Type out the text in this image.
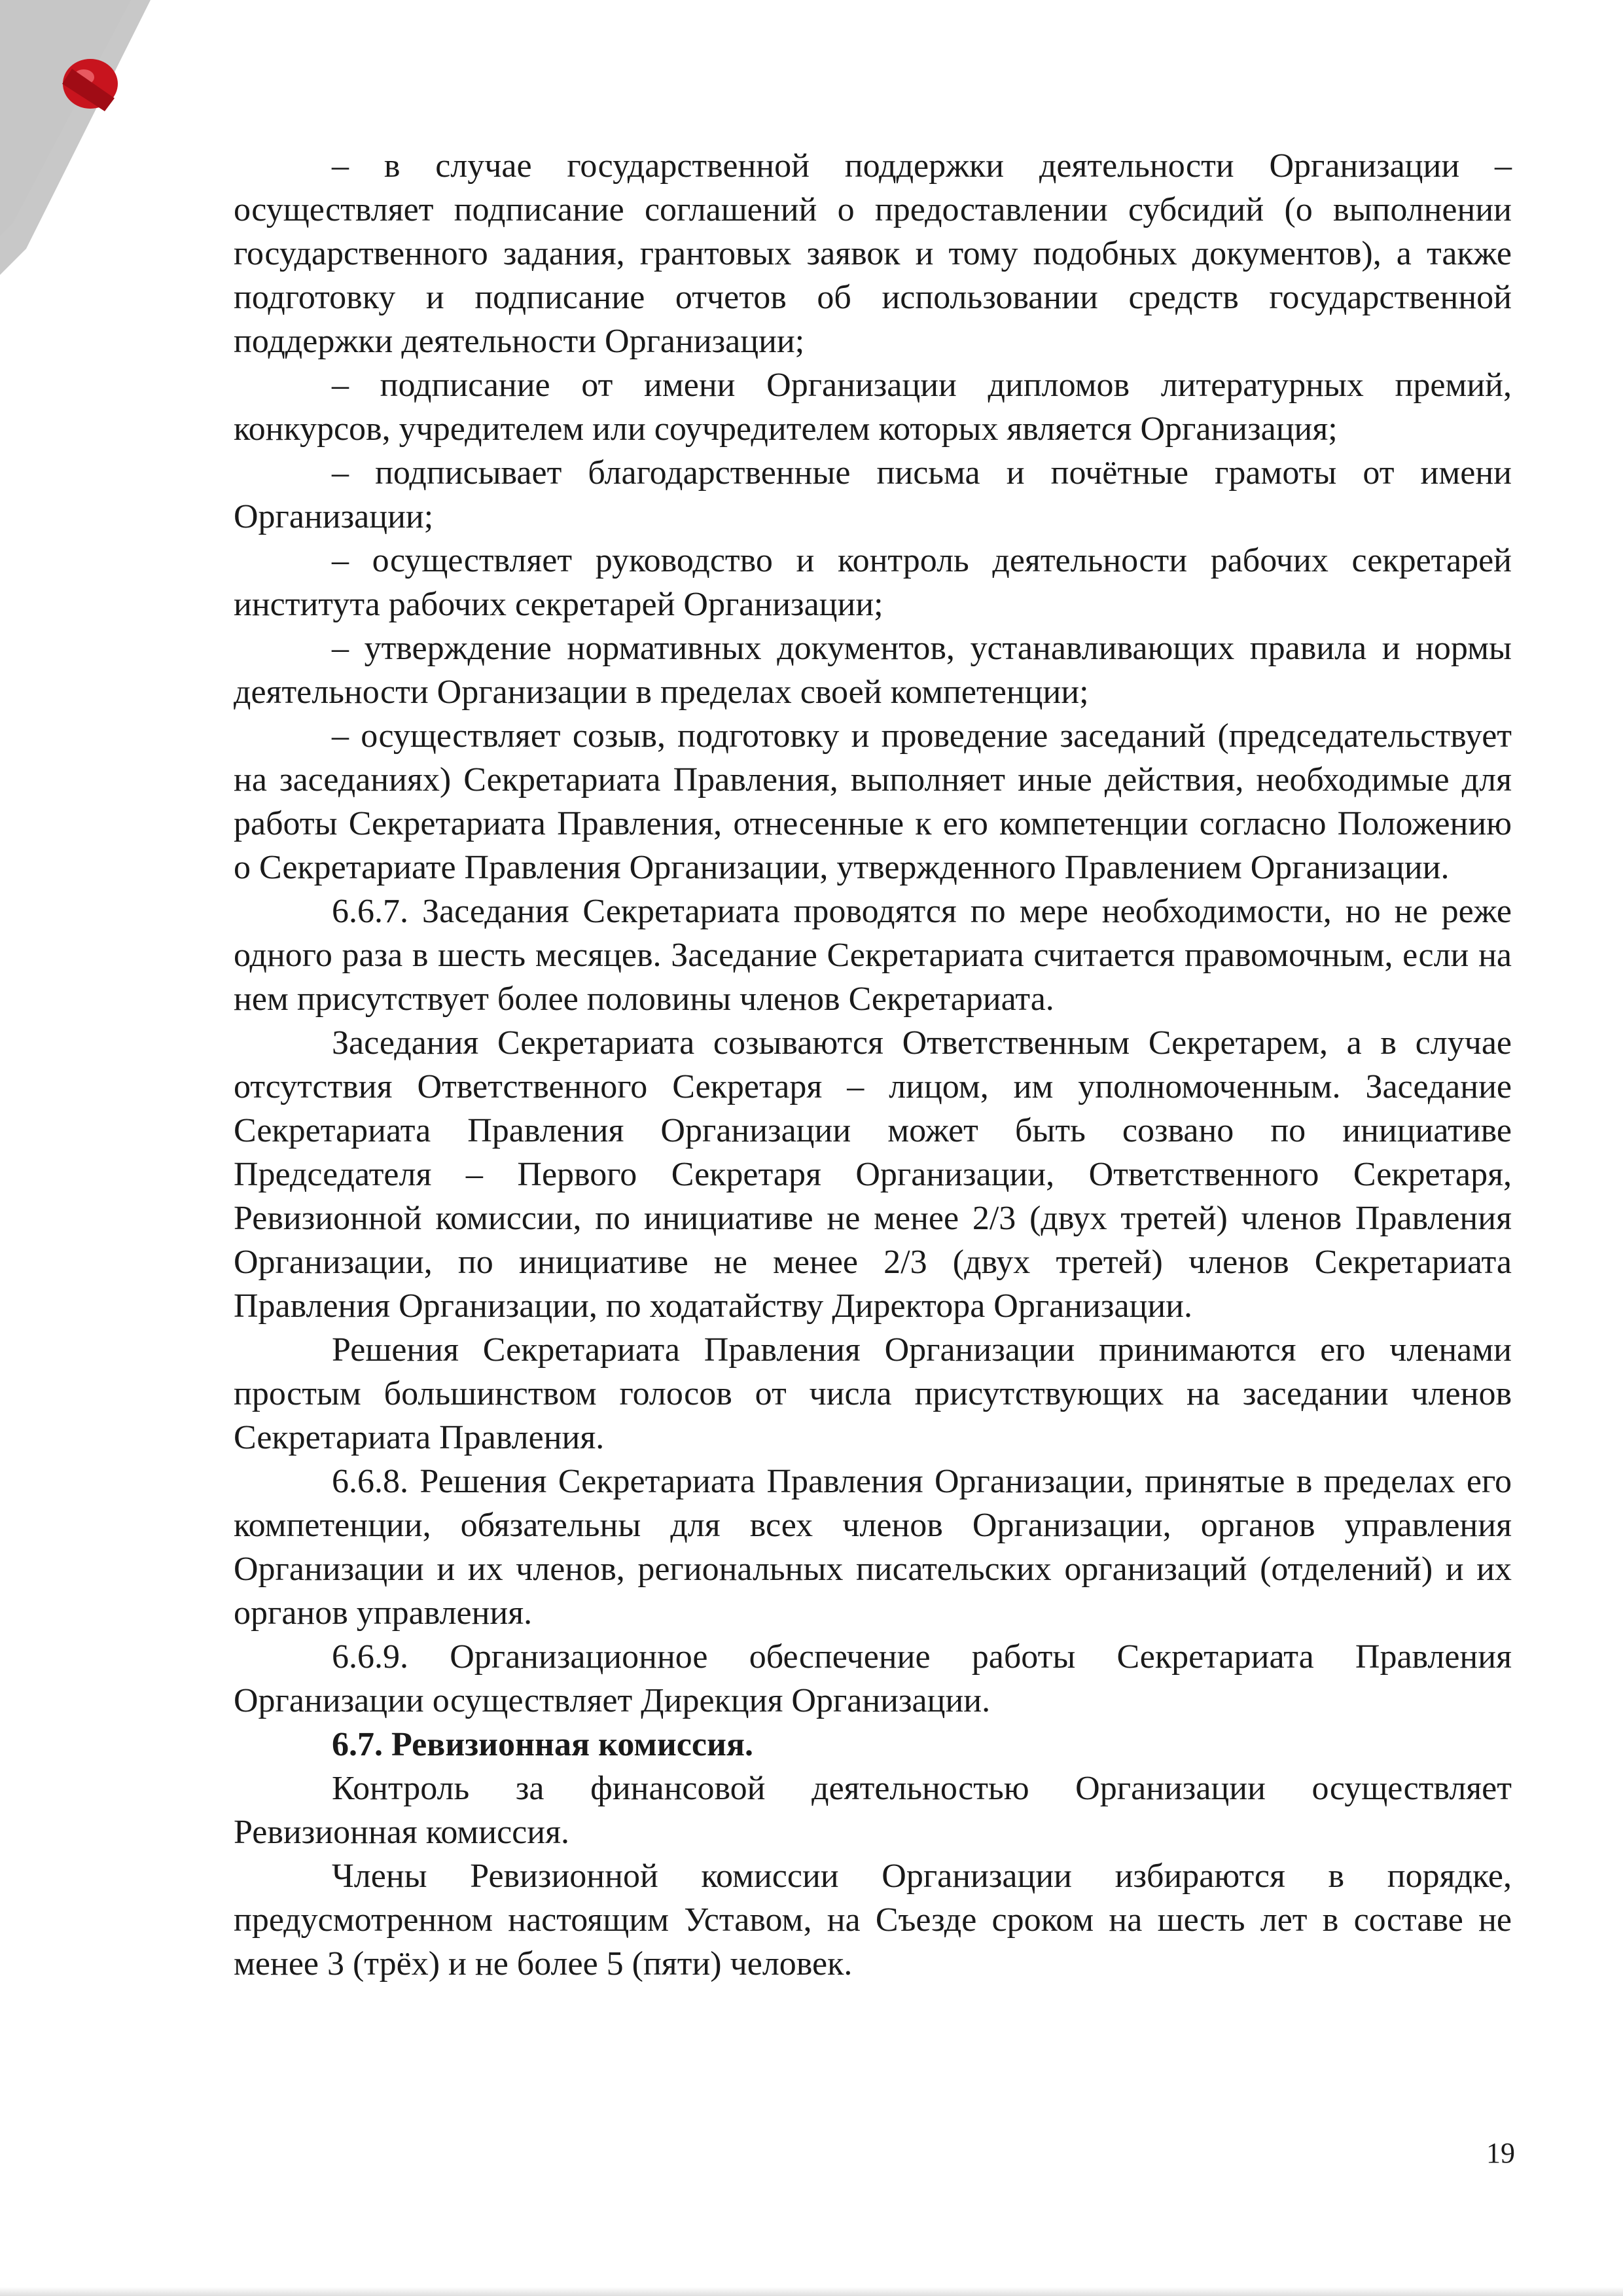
– в случае государственной поддержки деятельности Организации – осуществляет подписание соглашений о предоставлении субсидий (о выполнении государственного задания, грантовых заявок и тому подобных документов), а также подготовку и подписание отчетов об использовании средств государственной поддержки деятельности Организации;

– подписание от имени Организации дипломов литературных премий, конкурсов, учредителем или соучредителем которых является Организация;

– подписывает благодарственные письма и почётные грамоты от имени Организации;

– осуществляет руководство и контроль деятельности рабочих секретарей института рабочих секретарей Организации;

– утверждение нормативных документов, устанавливающих правила и нормы деятельности Организации в пределах своей компетенции;

– осуществляет созыв, подготовку и проведение заседаний (председательствует на заседаниях) Секретариата Правления, выполняет иные действия, необходимые для работы Секретариата Правления, отнесенные к его компетенции согласно Положению о Секретариате Правления Организации, утвержденного Правлением Организации.

6.6.7. Заседания Секретариата проводятся по мере необходимости, но не реже одного раза в шесть месяцев. Заседание Секретариата считается правомочным, если на нем присутствует более половины членов Секретариата.

Заседания Секретариата созываются Ответственным Секретарем, а в случае отсутствия Ответственного Секретаря – лицом, им уполномоченным. Заседание Секретариата Правления Организации может быть созвано по инициативе Председателя – Первого Секретаря Организации, Ответственного Секретаря, Ревизионной комиссии, по инициативе не менее 2/3 (двух третей) членов Правления Организации, по инициативе не менее 2/3 (двух третей) членов Секретариата Правления Организации, по ходатайству Директора Организации.

Решения Секретариата Правления Организации принимаются его членами простым большинством голосов от числа присутствующих на заседании членов Секретариата Правления.

6.6.8. Решения Секретариата Правления Организации, принятые в пределах его компетенции, обязательны для всех членов Организации, органов управления Организации и их членов, региональных писательских организаций (отделений) и их органов управления.

6.6.9. Организационное обеспечение работы Секретариата Правления Организации осуществляет Дирекция Организации.

6.7. Ревизионная комиссия.

Контроль за финансовой деятельностью Организации осуществляет Ревизионная комиссия.

Члены Ревизионной комиссии Организации избираются в порядке, предусмотренном настоящим Уставом, на Съезде сроком на шесть лет в составе не менее 3 (трёх) и не более 5 (пяти) человек.

19
